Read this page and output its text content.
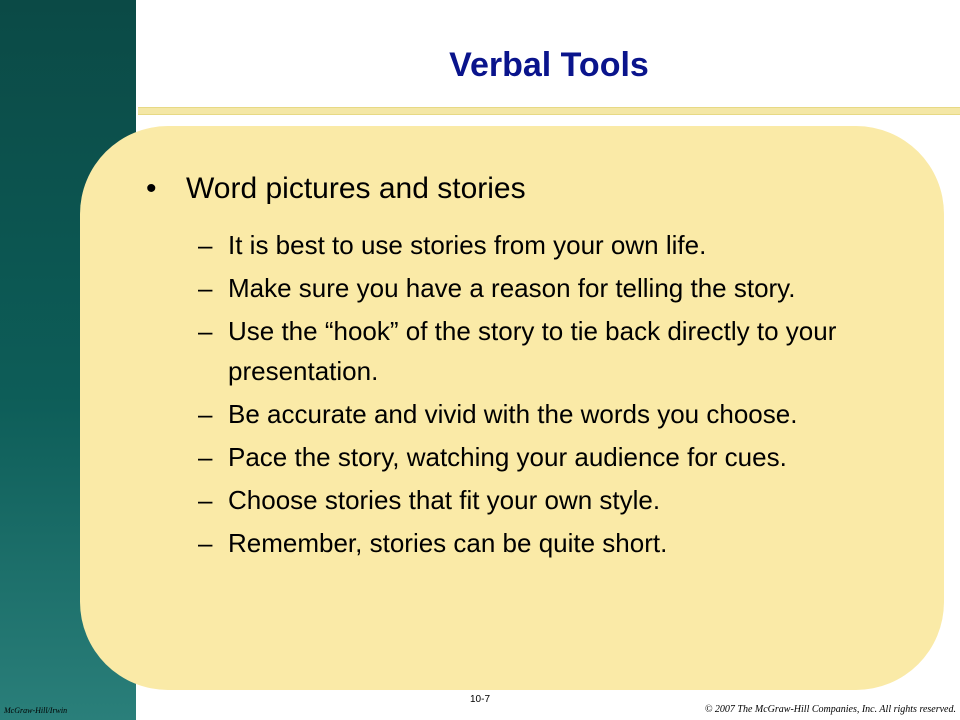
Verbal Tools
• Word pictures and stories
– It is best to use stories from your own life.
– Make sure you have a reason for telling the story.
– Use the “hook” of the story to tie back directly to your presentation.
– Be accurate and vivid with the words you choose.
– Pace the story, watching your audience for cues.
– Choose stories that fit your own style.
– Remember, stories can be quite short.
10-7
McGraw-Hill/Irwin	© 2007 The McGraw-Hill Companies, Inc. All rights reserved.
